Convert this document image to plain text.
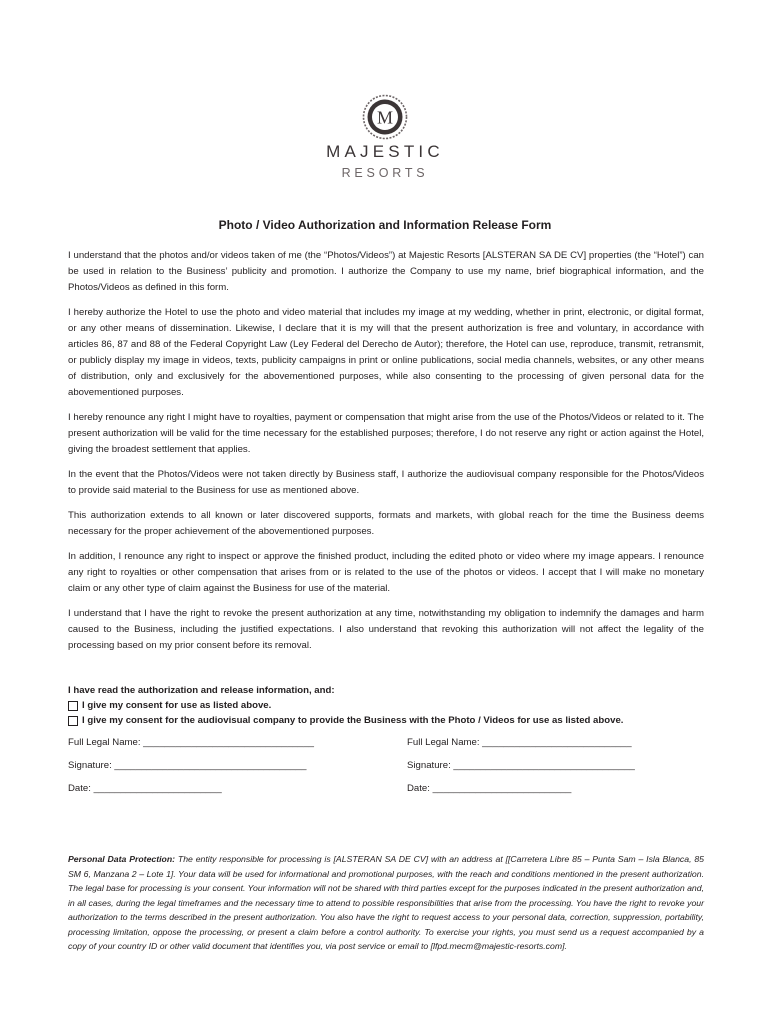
M
MAJESTIC
RESORTS
Photo / Video Authorization and Information Release Form

I understand that the photos and/or videos taken of me (the “Photos/Videos”) at Majestic Resorts [ALSTERAN SA DE CV] properties (the “Hotel”) can be used in relation to the Business’ publicity and promotion. I authorize the Company to use my name, brief biographical information, and the Photos/Videos as defined in this form.

I hereby authorize the Hotel to use the photo and video material that includes my image at my wedding, whether in print, electronic, or digital format, or any other means of dissemination. Likewise, I declare that it is my will that the present authorization is free and voluntary, in accordance with articles 86, 87 and 88 of the Federal Copyright Law (Ley Federal del Derecho de Autor); therefore, the Hotel can use, reproduce, transmit, retransmit, or publicly display my image in videos, texts, publicity campaigns in print or online publications, social media channels, websites, or any other means of distribution, only and exclusively for the abovementioned purposes, while also consenting to the processing of given personal data for the abovementioned purposes.

I hereby renounce any right I might have to royalties, payment or compensation that might arise from the use of the Photos/Videos or related to it. The present authorization will be valid for the time necessary for the established purposes; therefore, I do not reserve any right or action against the Hotel, giving the broadest settlement that applies.

In the event that the Photos/Videos were not taken directly by Business staff, I authorize the audiovisual company responsible for the Photos/Videos to provide said material to the Business for use as mentioned above.

This authorization extends to all known or later discovered supports, formats and markets, with global reach for the time the Business deems necessary for the proper achievement of the abovementioned purposes.

In addition, I renounce any right to inspect or approve the finished product, including the edited photo or video where my image appears. I renounce any right to royalties or other compensation that arises from or is related to the use of the photos or videos. I accept that I will make no monetary claim or any other type of claim against the Business for use of the material.

I understand that I have the right to revoke the present authorization at any time, notwithstanding my obligation to indemnify the damages and harm caused to the Business, including the justified expectations. I also understand that revoking this authorization will not affect the legality of the processing based on my prior consent before its removal.

I have read the authorization and release information, and:
I give my consent for use as listed above.
I give my consent for the audiovisual company to provide the Business with the Photo / Videos for use as listed above.
Full Legal Name: ________________________________	Full Legal Name: ____________________________
Signature: ____________________________________	Signature: __________________________________
Date: ________________________	Date: __________________________
Personal Data Protection: The entity responsible for processing is [ALSTERAN SA DE CV] with an address at [[Carretera Libre 85 – Punta Sam – Isla Blanca, 85 SM 6, Manzana 2 – Lote 1]. Your data will be used for informational and promotional purposes, with the reach and conditions mentioned in the present authorization. The legal base for processing is your consent. Your information will not be shared with third parties except for the purposes indicated in the present authorization and, in all cases, during the legal timeframes and the necessary time to attend to possible responsibilities that arise from the processing. You have the right to revoke your authorization to the terms described in the present authorization. You also have the right to request access to your personal data, correction, suppression, portability, processing limitation, oppose the processing, or present a claim before a control authority. To exercise your rights, you must send us a request accompanied by a copy of your country ID or other valid document that identifies you, via post service or email to [lfpd.mecm@majestic-resorts.com].
